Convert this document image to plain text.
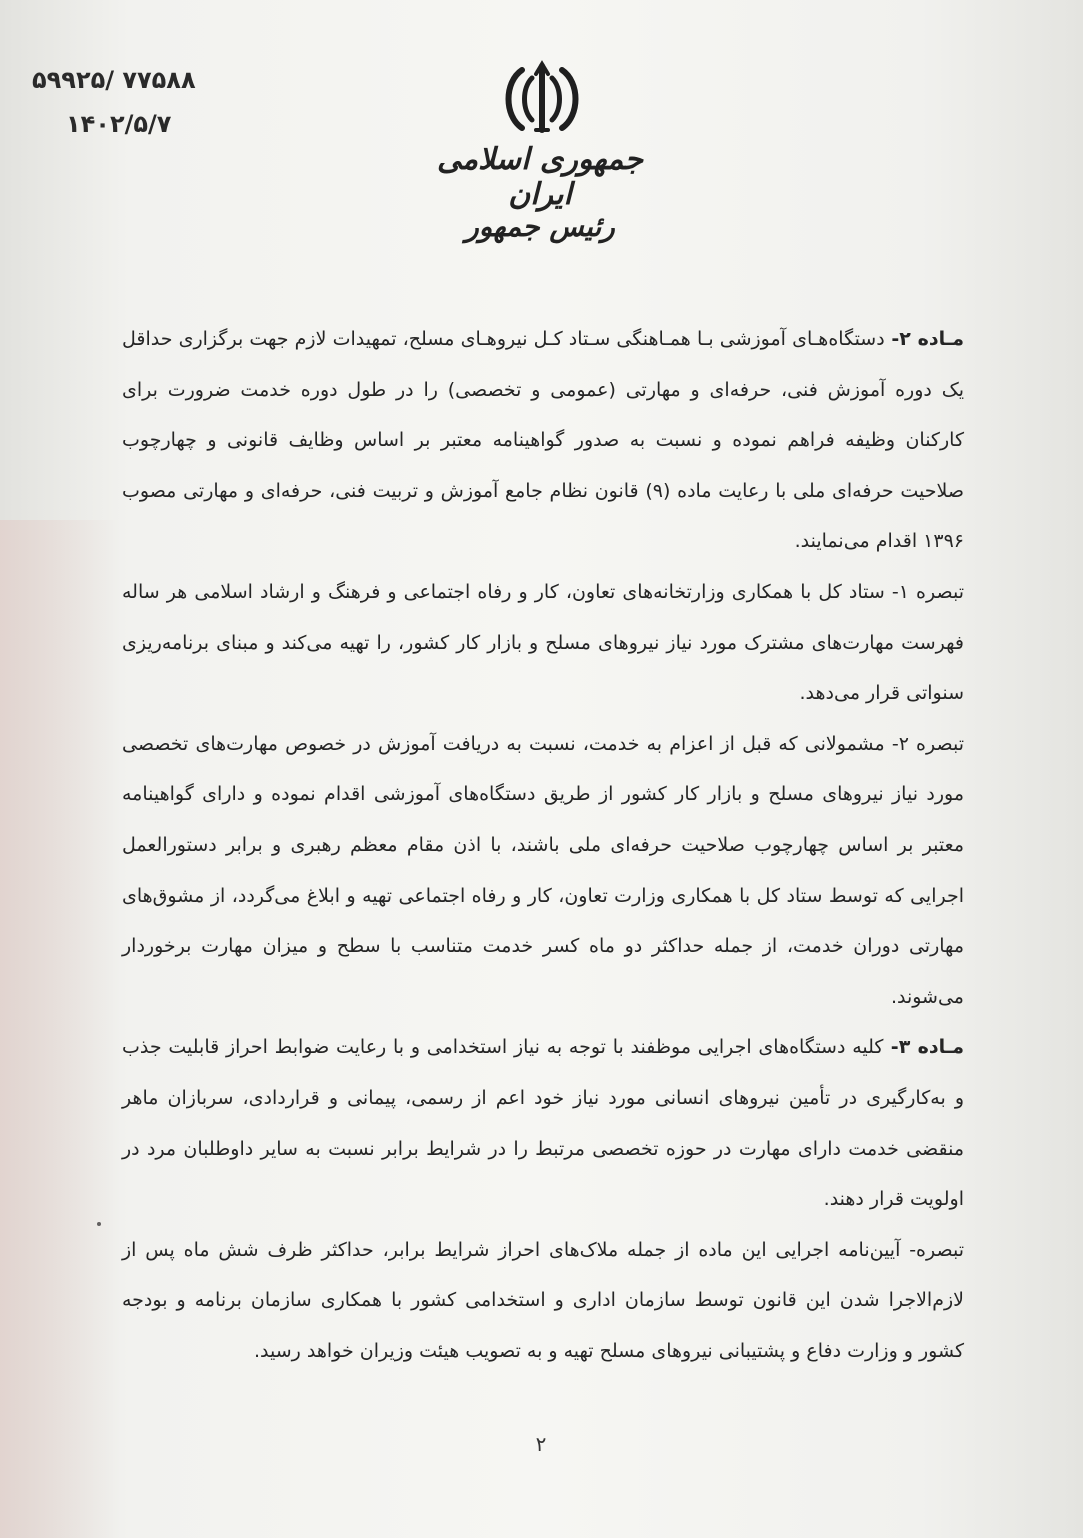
۵۹۹۲۵/ ۷۷۵۸۸
۱۴۰۲/۵/۷
جمهوری اسلامی ایران
رئیس جمهور

مـاده ۲- دستگاه‌هـای آموزشی بـا همـاهنگی سـتاد کـل نیروهـای مسلح، تمهیدات لازم جهت برگزاری حداقل یک دوره آموزش فنی، حرفه‌ای و مهارتی (عمومی و تخصصی) را در طول دوره خدمت ضرورت برای کارکنان وظیفه فراهم نموده و نسبت به صدور گواهینامه معتبر بر اساس وظایف قانونی و چهارچوب صلاحیت حرفه‌ای ملی با رعایت ماده (۹) قانون نظام جامع آموزش و تربیت فنی، حرفه‌ای و مهارتی مصوب ۱۳۹۶ اقدام می‌نمایند.

تبصره ۱- ستاد کل با همکاری وزارتخانه‌های تعاون، کار و رفاه اجتماعی و فرهنگ و ارشاد اسلامی هر ساله فهرست مهارت‌های مشترک مورد نیاز نیروهای مسلح و بازار کار کشور، را تهیه می‌کند و مبنای برنامه‌ریزی سنواتی قرار می‌دهد.

تبصره ۲- مشمولانی که قبل از اعزام به خدمت، نسبت به دریافت آموزش در خصوص مهارت‌های تخصصی مورد نیاز نیروهای مسلح و بازار کار کشور از طریق دستگاه‌های آموزشی اقدام نموده و دارای گواهینامه معتبر بر اساس چهارچوب صلاحیت حرفه‌ای ملی باشند، با اذن مقام معظم رهبری و برابر دستورالعمل اجرایی که توسط ستاد کل با همکاری وزارت تعاون، کار و رفاه اجتماعی تهیه و ابلاغ می‌گردد، از مشوق‌های مهارتی دوران خدمت، از جمله حداکثر دو ماه کسر خدمت متناسب با سطح و میزان مهارت برخوردار می‌شوند.

مـاده ۳- کلیه دستگاه‌های اجرایی موظفند با توجه به نیاز استخدامی و با رعایت ضوابط احراز قابلیت جذب و به‌کارگیری در تأمین نیروهای انسانی مورد نیاز خود اعم از رسمی، پیمانی و قراردادی، سربازان ماهر منقضی خدمت دارای مهارت در حوزه تخصصی مرتبط را در شرایط برابر نسبت به سایر داوطلبان مرد در اولویت قرار دهند.

تبصره- آیین‌نامه اجرایی این ماده از جمله ملاک‌های احراز شرایط برابر، حداکثر ظرف شش ماه پس از لازم‌الاجرا شدن این قانون توسط سازمان اداری و استخدامی کشور با همکاری سازمان برنامه و بودجه کشور و وزارت دفاع و پشتیبانی نیروهای مسلح تهیه و به تصویب هیئت وزیران خواهد رسید.

۲
